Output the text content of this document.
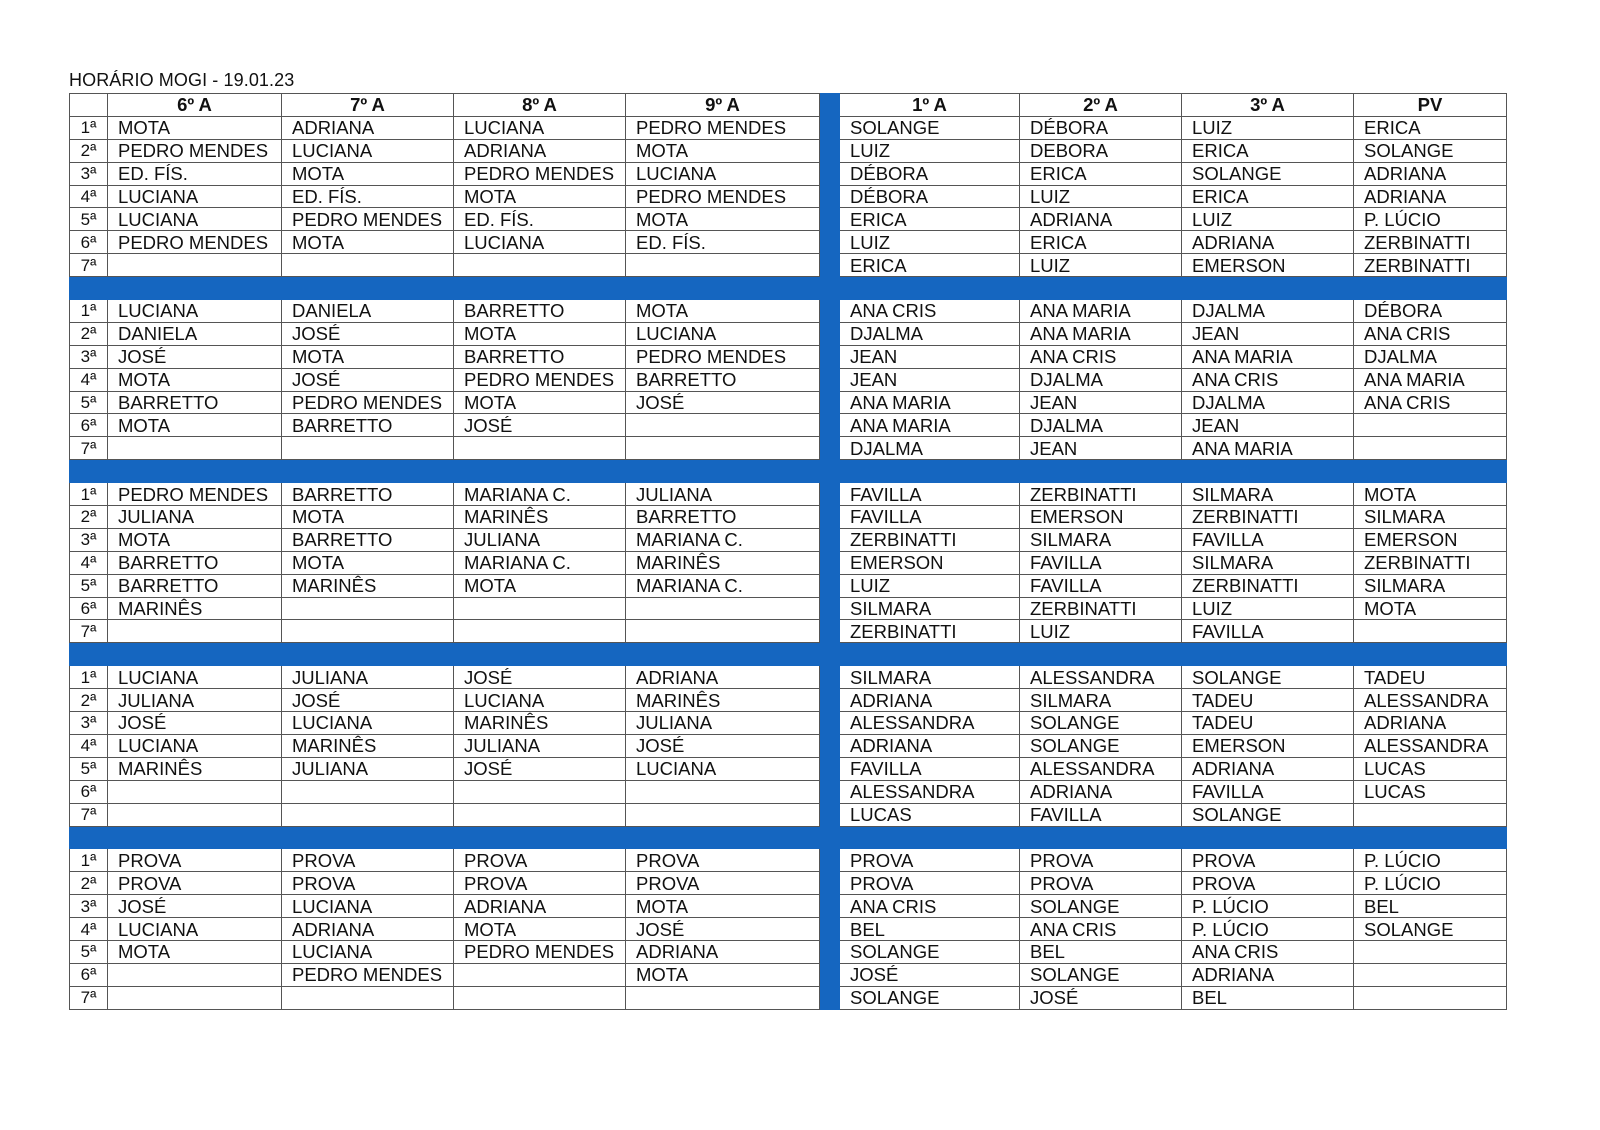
HORÁRIO MOGI - 19.01.23
	6º A	7º A	8º A	9º A		1º A	2º A	3º A	PV
1ª	MOTA	ADRIANA	LUCIANA	PEDRO MENDES		SOLANGE	DÉBORA	LUIZ	ERICA
2ª	PEDRO MENDES	LUCIANA	ADRIANA	MOTA		LUIZ	DEBORA	ERICA	SOLANGE
3ª	ED. FÍS.	MOTA	PEDRO MENDES	LUCIANA		DÉBORA	ERICA	SOLANGE	ADRIANA
4ª	LUCIANA	ED. FÍS.	MOTA	PEDRO MENDES		DÉBORA	LUIZ	ERICA	ADRIANA
5ª	LUCIANA	PEDRO MENDES	ED. FÍS.	MOTA		ERICA	ADRIANA	LUIZ	P. LÚCIO
6ª	PEDRO MENDES	MOTA	LUCIANA	ED. FÍS.		LUIZ	ERICA	ADRIANA	ZERBINATTI
7ª						ERICA	LUIZ	EMERSON	ZERBINATTI

1ª	LUCIANA	DANIELA	BARRETTO	MOTA		ANA CRIS	ANA MARIA	DJALMA	DÉBORA
2ª	DANIELA	JOSÉ	MOTA	LUCIANA		DJALMA	ANA MARIA	JEAN	ANA CRIS
3ª	JOSÉ	MOTA	BARRETTO	PEDRO MENDES		JEAN	ANA CRIS	ANA MARIA	DJALMA
4ª	MOTA	JOSÉ	PEDRO MENDES	BARRETTO		JEAN	DJALMA	ANA CRIS	ANA MARIA
5ª	BARRETTO	PEDRO MENDES	MOTA	JOSÉ		ANA MARIA	JEAN	DJALMA	ANA CRIS
6ª	MOTA	BARRETTO	JOSÉ			ANA MARIA	DJALMA	JEAN	
7ª						DJALMA	JEAN	ANA MARIA	

1ª	PEDRO MENDES	BARRETTO	MARIANA C.	JULIANA		FAVILLA	ZERBINATTI	SILMARA	MOTA
2ª	JULIANA	MOTA	MARINÊS	BARRETTO		FAVILLA	EMERSON	ZERBINATTI	SILMARA
3ª	MOTA	BARRETTO	JULIANA	MARIANA C.		ZERBINATTI	SILMARA	FAVILLA	EMERSON
4ª	BARRETTO	MOTA	MARIANA C.	MARINÊS		EMERSON	FAVILLA	SILMARA	ZERBINATTI
5ª	BARRETTO	MARINÊS	MOTA	MARIANA C.		LUIZ	FAVILLA	ZERBINATTI	SILMARA
6ª	MARINÊS					SILMARA	ZERBINATTI	LUIZ	MOTA
7ª						ZERBINATTI	LUIZ	FAVILLA	

1ª	LUCIANA	JULIANA	JOSÉ	ADRIANA		SILMARA	ALESSANDRA	SOLANGE	TADEU
2ª	JULIANA	JOSÉ	LUCIANA	MARINÊS		ADRIANA	SILMARA	TADEU	ALESSANDRA
3ª	JOSÉ	LUCIANA	MARINÊS	JULIANA		ALESSANDRA	SOLANGE	TADEU	ADRIANA
4ª	LUCIANA	MARINÊS	JULIANA	JOSÉ		ADRIANA	SOLANGE	EMERSON	ALESSANDRA
5ª	MARINÊS	JULIANA	JOSÉ	LUCIANA		FAVILLA	ALESSANDRA	ADRIANA	LUCAS
6ª						ALESSANDRA	ADRIANA	FAVILLA	LUCAS
7ª						LUCAS	FAVILLA	SOLANGE	

1ª	PROVA	PROVA	PROVA	PROVA		PROVA	PROVA	PROVA	P. LÚCIO
2ª	PROVA	PROVA	PROVA	PROVA		PROVA	PROVA	PROVA	P. LÚCIO
3ª	JOSÉ	LUCIANA	ADRIANA	MOTA		ANA CRIS	SOLANGE	P. LÚCIO	BEL
4ª	LUCIANA	ADRIANA	MOTA	JOSÉ		BEL	ANA CRIS	P. LÚCIO	SOLANGE
5ª	MOTA	LUCIANA	PEDRO MENDES	ADRIANA		SOLANGE	BEL	ANA CRIS	
6ª		PEDRO MENDES		MOTA		JOSÉ	SOLANGE	ADRIANA	
7ª						SOLANGE	JOSÉ	BEL	
